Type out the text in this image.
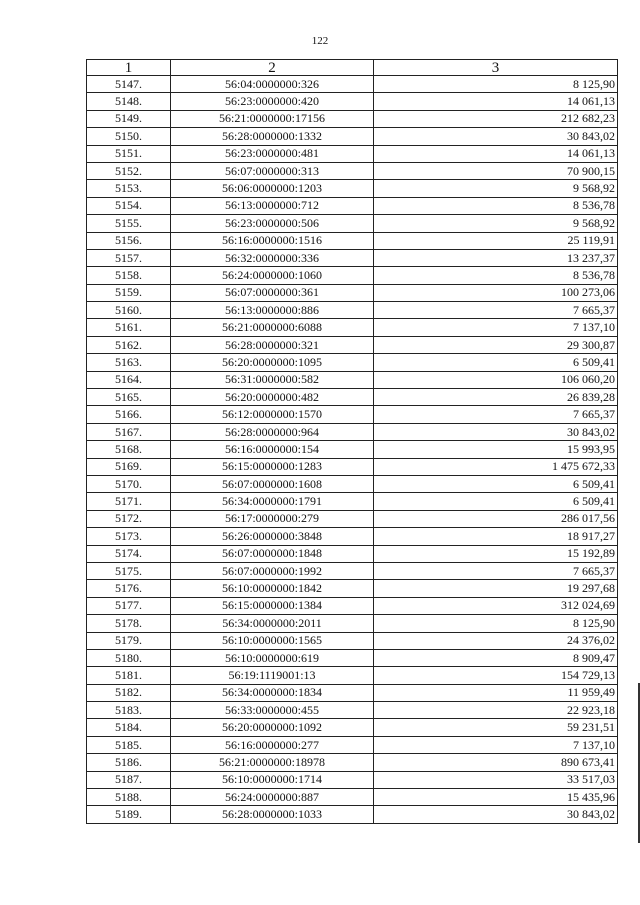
122
1	2	3
5147.	56:04:0000000:326	8 125,90
5148.	56:23:0000000:420	14 061,13
5149.	56:21:0000000:17156	212 682,23
5150.	56:28:0000000:1332	30 843,02
5151.	56:23:0000000:481	14 061,13
5152.	56:07:0000000:313	70 900,15
5153.	56:06:0000000:1203	9 568,92
5154.	56:13:0000000:712	8 536,78
5155.	56:23:0000000:506	9 568,92
5156.	56:16:0000000:1516	25 119,91
5157.	56:32:0000000:336	13 237,37
5158.	56:24:0000000:1060	8 536,78
5159.	56:07:0000000:361	100 273,06
5160.	56:13:0000000:886	7 665,37
5161.	56:21:0000000:6088	7 137,10
5162.	56:28:0000000:321	29 300,87
5163.	56:20:0000000:1095	6 509,41
5164.	56:31:0000000:582	106 060,20
5165.	56:20:0000000:482	26 839,28
5166.	56:12:0000000:1570	7 665,37
5167.	56:28:0000000:964	30 843,02
5168.	56:16:0000000:154	15 993,95
5169.	56:15:0000000:1283	1 475 672,33
5170.	56:07:0000000:1608	6 509,41
5171.	56:34:0000000:1791	6 509,41
5172.	56:17:0000000:279	286 017,56
5173.	56:26:0000000:3848	18 917,27
5174.	56:07:0000000:1848	15 192,89
5175.	56:07:0000000:1992	7 665,37
5176.	56:10:0000000:1842	19 297,68
5177.	56:15:0000000:1384	312 024,69
5178.	56:34:0000000:2011	8 125,90
5179.	56:10:0000000:1565	24 376,02
5180.	56:10:0000000:619	8 909,47
5181.	56:19:1119001:13	154 729,13
5182.	56:34:0000000:1834	11 959,49
5183.	56:33:0000000:455	22 923,18
5184.	56:20:0000000:1092	59 231,51
5185.	56:16:0000000:277	7 137,10
5186.	56:21:0000000:18978	890 673,41
5187.	56:10:0000000:1714	33 517,03
5188.	56:24:0000000:887	15 435,96
5189.	56:28:0000000:1033	30 843,02
